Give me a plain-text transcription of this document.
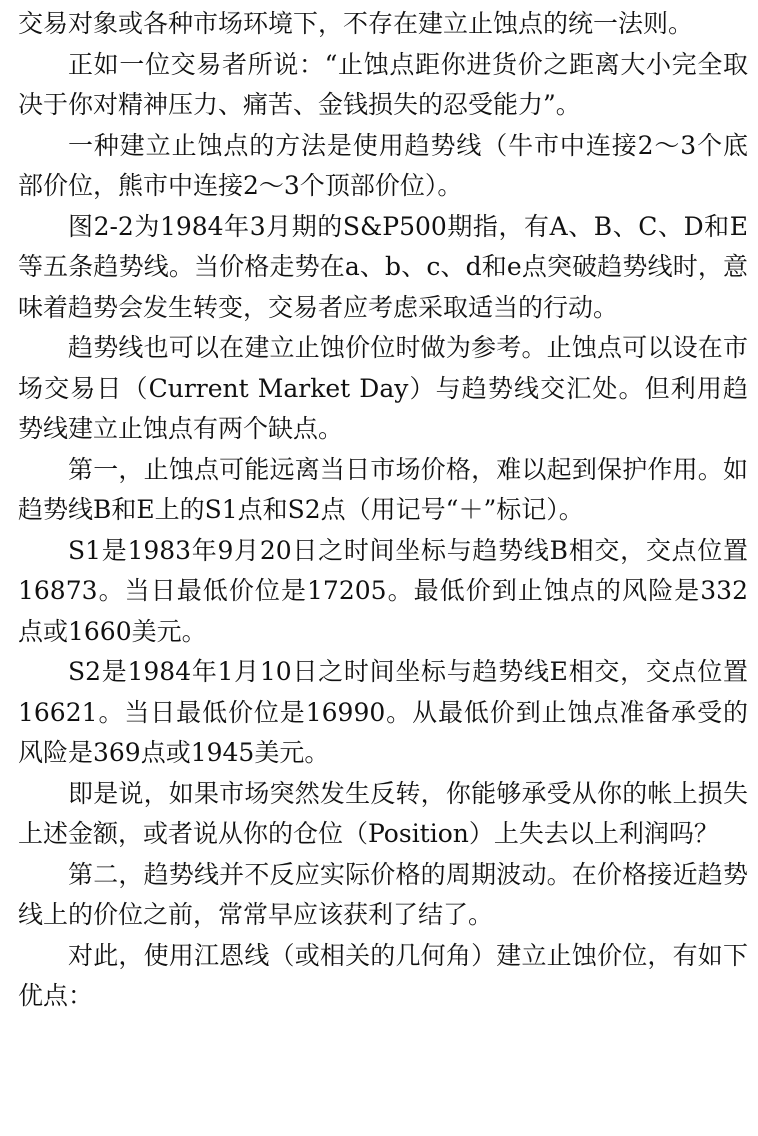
交易对象或各种市场环境下，不存在建立止蚀点的统一法则。

正如一位交易者所说：“止蚀点距你进货价之距离大小完全取决于你对精神压力、痛苦、金钱损失的忍受能力”。

一种建立止蚀点的方法是使用趋势线（牛市中连接2～3个底部价位，熊市中连接2～3个顶部价位）。

图2-2为1984年3月期的S&P500期指，有A、B、C、D和E等五条趋势线。当价格走势在a、b、c、d和e点突破趋势线时，意味着趋势会发生转变，交易者应考虑采取适当的行动。

趋势线也可以在建立止蚀价位时做为参考。止蚀点可以设在市场交易日（Current Market Day）与趋势线交汇处。但利用趋势线建立止蚀点有两个缺点。

第一，止蚀点可能远离当日市场价格，难以起到保护作用。如趋势线B和E上的S1点和S2点（用记号“＋”标记）。

S1是1983年9月20日之时间坐标与趋势线B相交，交点位置16873。当日最低价位是17205。最低价到止蚀点的风险是332点或1660美元。

S2是1984年1月10日之时间坐标与趋势线E相交，交点位置16621。当日最低价位是16990。从最低价到止蚀点准备承受的风险是369点或1945美元。

即是说，如果市场突然发生反转，你能够承受从你的帐上损失上述金额，或者说从你的仓位（Position）上失去以上利润吗？

第二，趋势线并不反应实际价格的周期波动。在价格接近趋势线上的价位之前，常常早应该获利了结了。

对此，使用江恩线（或相关的几何角）建立止蚀价位，有如下优点：
